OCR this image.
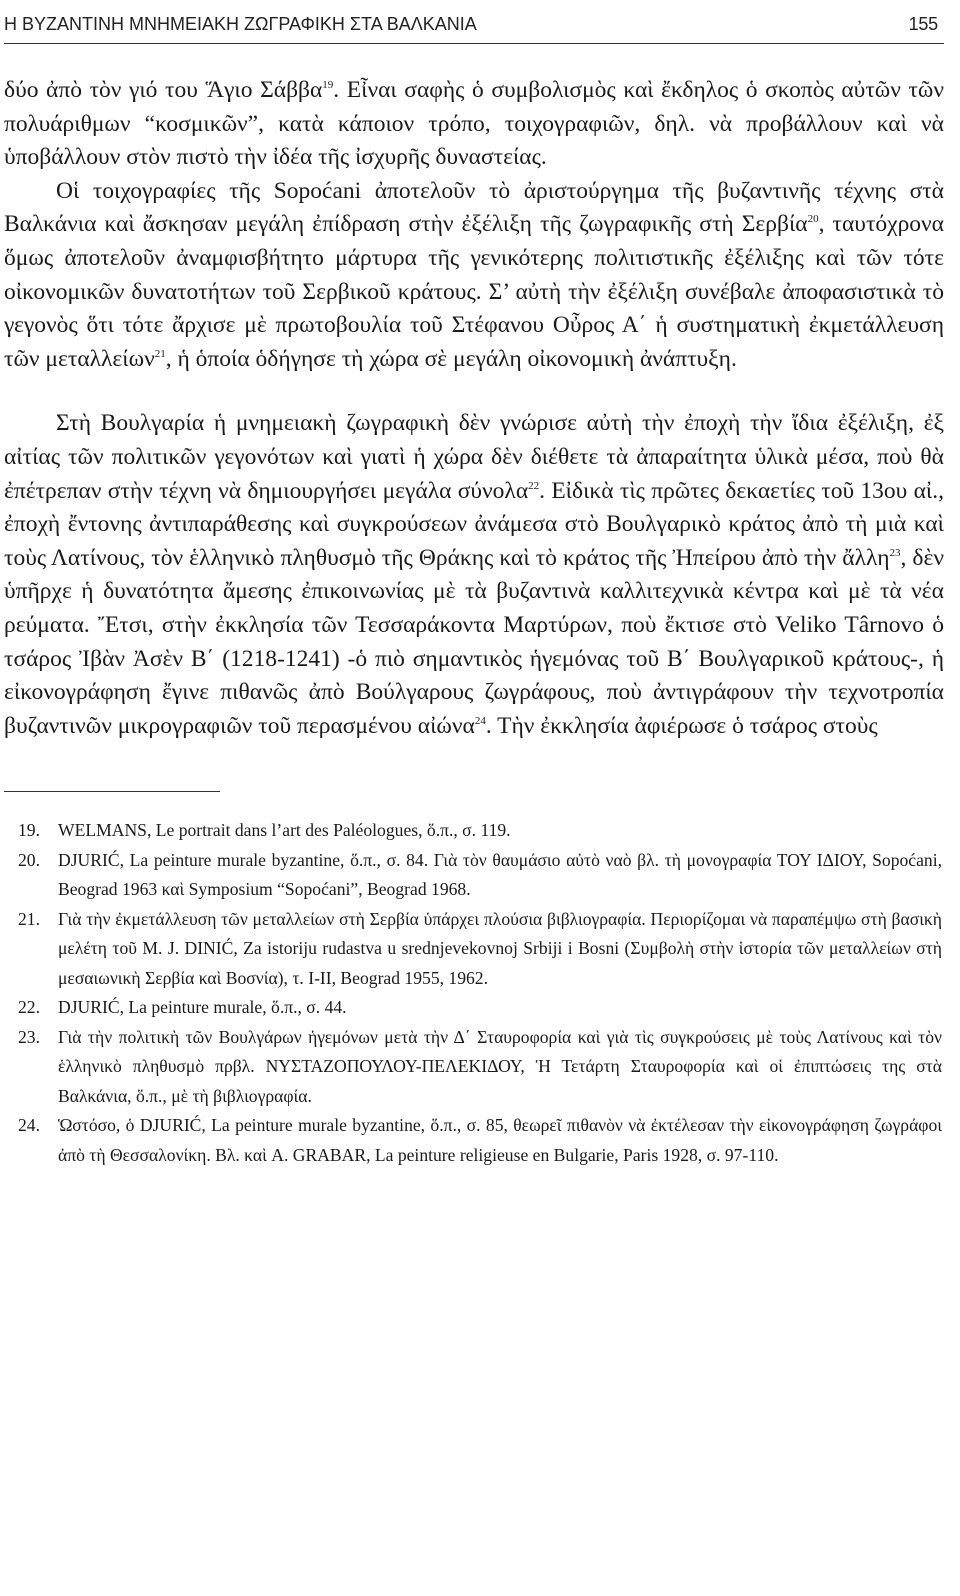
Η ΒΥΖΑΝΤΙΝΗ ΜΝΗΜΕΙΑΚΗ ΖΩΓΡΑΦΙΚΗ ΣΤΑ ΒΑΛΚΑΝΙΑ	155

δύο ἀπὸ τὸν γιό του Ἅγιο Σάββα$^{19}$. Εἶναι σαφὴς ὁ συμβολισμὸς καὶ ἔκδηλος ὁ σκοπὸς αὐτῶν τῶν πολυάριθμων “κοσμικῶν”, κατὰ κάποιον τρόπο, τοιχογραφιῶν, δηλ. νὰ προβάλλουν καὶ νὰ ὑποβάλλουν στὸν πιστὸ τὴν ἰδέα τῆς ἰσχυρῆς δυναστείας.

Οἱ τοιχογραφίες τῆς Sopoćani ἀποτελοῦν τὸ ἀριστούργημα τῆς βυζαντινῆς τέχνης στὰ Βαλκάνια καὶ ἄσκησαν μεγάλη ἐπίδραση στὴν ἐξέλιξη τῆς ζωγραφικῆς στὴ Σερβία$^{20}$, ταυτόχρονα ὅμως ἀποτελοῦν ἀναμφισβήτητο μάρτυρα τῆς γενικότερης πολιτιστικῆς ἐξέλιξης καὶ τῶν τότε οἰκονομικῶν δυνατοτήτων τοῦ Σερβικοῦ κράτους. Σ’ αὐτὴ τὴν ἐξέλιξη συνέβαλε ἀποφασιστικὰ τὸ γεγονὸς ὅτι τότε ἄρχισε μὲ πρωτοβουλία τοῦ Στέφανου Οὖρος Α΄ ἡ συστηματικὴ ἐκμετάλλευση τῶν μεταλλείων$^{21}$, ἡ ὁποία ὁδήγησε τὴ χώρα σὲ μεγάλη οἰκονομικὴ ἀνάπτυξη.

Στὴ Βουλγαρία ἡ μνημειακὴ ζωγραφικὴ δὲν γνώρισε αὐτὴ τὴν ἐποχὴ τὴν ἴδια ἐξέλιξη, ἐξ αἰτίας τῶν πολιτικῶν γεγονότων καὶ γιατὶ ἡ χώρα δὲν διέθετε τὰ ἀπαραίτητα ὑλικὰ μέσα, ποὺ θὰ ἐπέτρεπαν στὴν τέχνη νὰ δημιουργήσει μεγάλα σύνολα$^{22}$. Εἰδικὰ τὶς πρῶτες δεκαετίες τοῦ 13ου αἰ., ἐποχὴ ἔντονης ἀντιπαράθεσης καὶ συγκρούσεων ἀνάμεσα στὸ Βουλγαρικὸ κράτος ἀπὸ τὴ μιὰ καὶ τοὺς Λατίνους, τὸν ἑλληνικὸ πληθυσμὸ τῆς Θράκης καὶ τὸ κράτος τῆς Ἠπείρου ἀπὸ τὴν ἄλλη$^{23}$, δὲν ὑπῆρχε ἡ δυνατότητα ἄμεσης ἐπικοινωνίας μὲ τὰ βυζαντινὰ καλλιτεχνικὰ κέντρα καὶ μὲ τὰ νέα ρεύματα. Ἔτσι, στὴν ἐκκλησία τῶν Τεσσαράκοντα Μαρτύρων, ποὺ ἔκτισε στὸ Veliko Târnovo ὁ τσάρος Ἰβὰν Ἀσὲν Β΄ (1218-1241) -ὁ πιὸ σημαντικὸς ἡγεμόνας τοῦ Β΄ Βουλγαρικοῦ κράτους-, ἡ εἰκονογράφηση ἔγινε πιθανῶς ἀπὸ Βούλγαρους ζωγράφους, ποὺ ἀντιγράφουν τὴν τεχνοτροπία βυζαντινῶν μικρογραφιῶν τοῦ περασμένου αἰώνα$^{24}$. Τὴν ἐκκλησία ἀφιέρωσε ὁ τσάρος στοὺς

19.	WELMANS, Le portrait dans l’art des Paléologues, ὅ.π., σ. 119.
20.	DJURIĆ, La peinture murale byzantine, ὅ.π., σ. 84. Γιὰ τὸν θαυμάσιο αὐτὸ ναὸ βλ. τὴ μονογραφία ΤΟΥ ΙΔΙΟΥ, Sopoćani, Beograd 1963 καὶ Symposium “Sopoćani”, Beograd 1968.
21.	Γιὰ τὴν ἐκμετάλλευση τῶν μεταλλείων στὴ Σερβία ὑπάρχει πλούσια βιβλιογραφία. Περιορίζομαι νὰ παραπέμψω στὴ βασικὴ μελέτη τοῦ M. J. DINIĆ, Za istoriju rudastva u srednjevekovnoj Srbiji i Bosni (Συμβολὴ στὴν ἱστορία τῶν μεταλλείων στὴ μεσαιωνικὴ Σερβία καὶ Βοσνία), τ. I-II, Beograd 1955, 1962.
22.	DJURIĆ, La peinture murale, ὅ.π., σ. 44.
23.	Γιὰ τὴν πολιτικὴ τῶν Βουλγάρων ἡγεμόνων μετὰ τὴν Δ΄ Σταυροφορία καὶ γιὰ τὶς συγκρούσεις μὲ τοὺς Λατίνους καὶ τὸν ἑλληνικὸ πληθυσμὸ πρβλ. ΝΥΣΤΑΖΟΠΟΥΛΟΥ-ΠΕΛΕΚΙΔΟΥ, Ἡ Τετάρτη Σταυροφορία καὶ οἱ ἐπιπτώσεις της στὰ Βαλκάνια, ὅ.π., μὲ τὴ βιβλιογραφία.
24.	Ὡστόσο, ὁ DJURIĆ, La peinture murale byzantine, ὅ.π., σ. 85, θεωρεῖ πιθανὸν νὰ ἐκτέλεσαν τὴν εἰκονογράφηση ζωγράφοι ἀπὸ τὴ Θεσσαλονίκη. Βλ. καὶ A. GRABAR, La peinture religieuse en Bulgarie, Paris 1928, σ. 97-110.
